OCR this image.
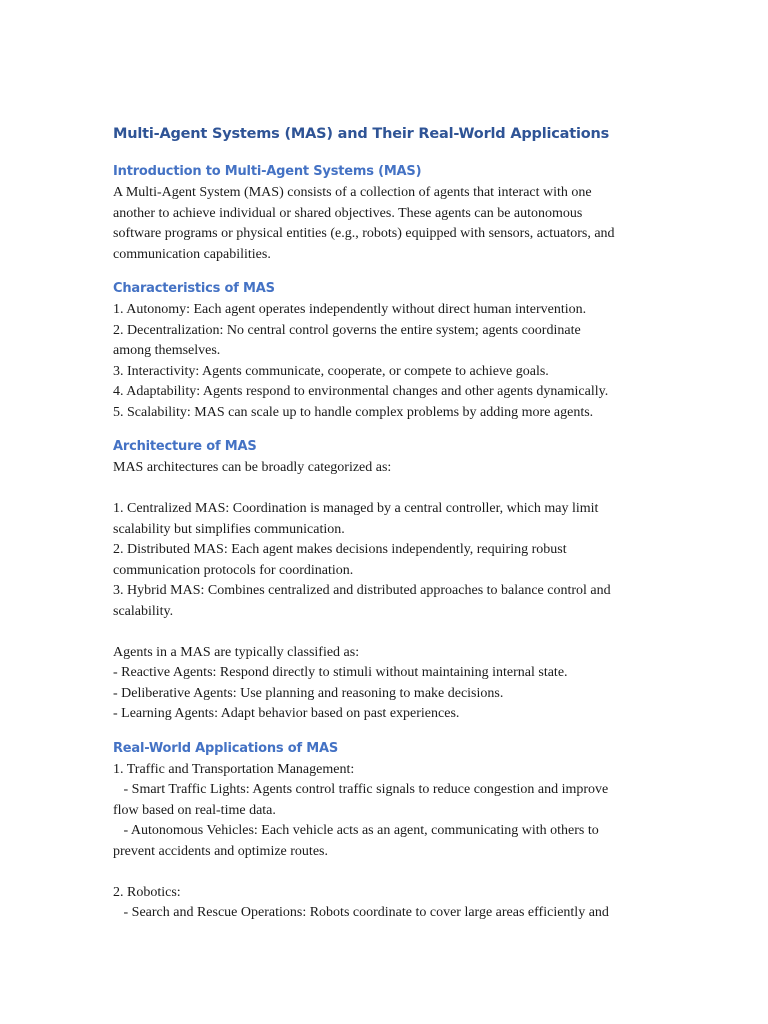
Multi-Agent Systems (MAS) and Their Real-World Applications
Introduction to Multi-Agent Systems (MAS)
A Multi-Agent System (MAS) consists of a collection of agents that interact with one
another to achieve individual or shared objectives. These agents can be autonomous
software programs or physical entities (e.g., robots) equipped with sensors, actuators, and
communication capabilities.
Characteristics of MAS
1. Autonomy: Each agent operates independently without direct human intervention.
2. Decentralization: No central control governs the entire system; agents coordinate
among themselves.
3. Interactivity: Agents communicate, cooperate, or compete to achieve goals.
4. Adaptability: Agents respond to environmental changes and other agents dynamically.
5. Scalability: MAS can scale up to handle complex problems by adding more agents.
Architecture of MAS
MAS architectures can be broadly categorized as:
1. Centralized MAS: Coordination is managed by a central controller, which may limit
scalability but simplifies communication.
2. Distributed MAS: Each agent makes decisions independently, requiring robust
communication protocols for coordination.
3. Hybrid MAS: Combines centralized and distributed approaches to balance control and
scalability.
Agents in a MAS are typically classified as:
- Reactive Agents: Respond directly to stimuli without maintaining internal state.
- Deliberative Agents: Use planning and reasoning to make decisions.
- Learning Agents: Adapt behavior based on past experiences.
Real-World Applications of MAS
1. Traffic and Transportation Management:
- Smart Traffic Lights: Agents control traffic signals to reduce congestion and improve
flow based on real-time data.
- Autonomous Vehicles: Each vehicle acts as an agent, communicating with others to
prevent accidents and optimize routes.
2. Robotics:
- Search and Rescue Operations: Robots coordinate to cover large areas efficiently and
